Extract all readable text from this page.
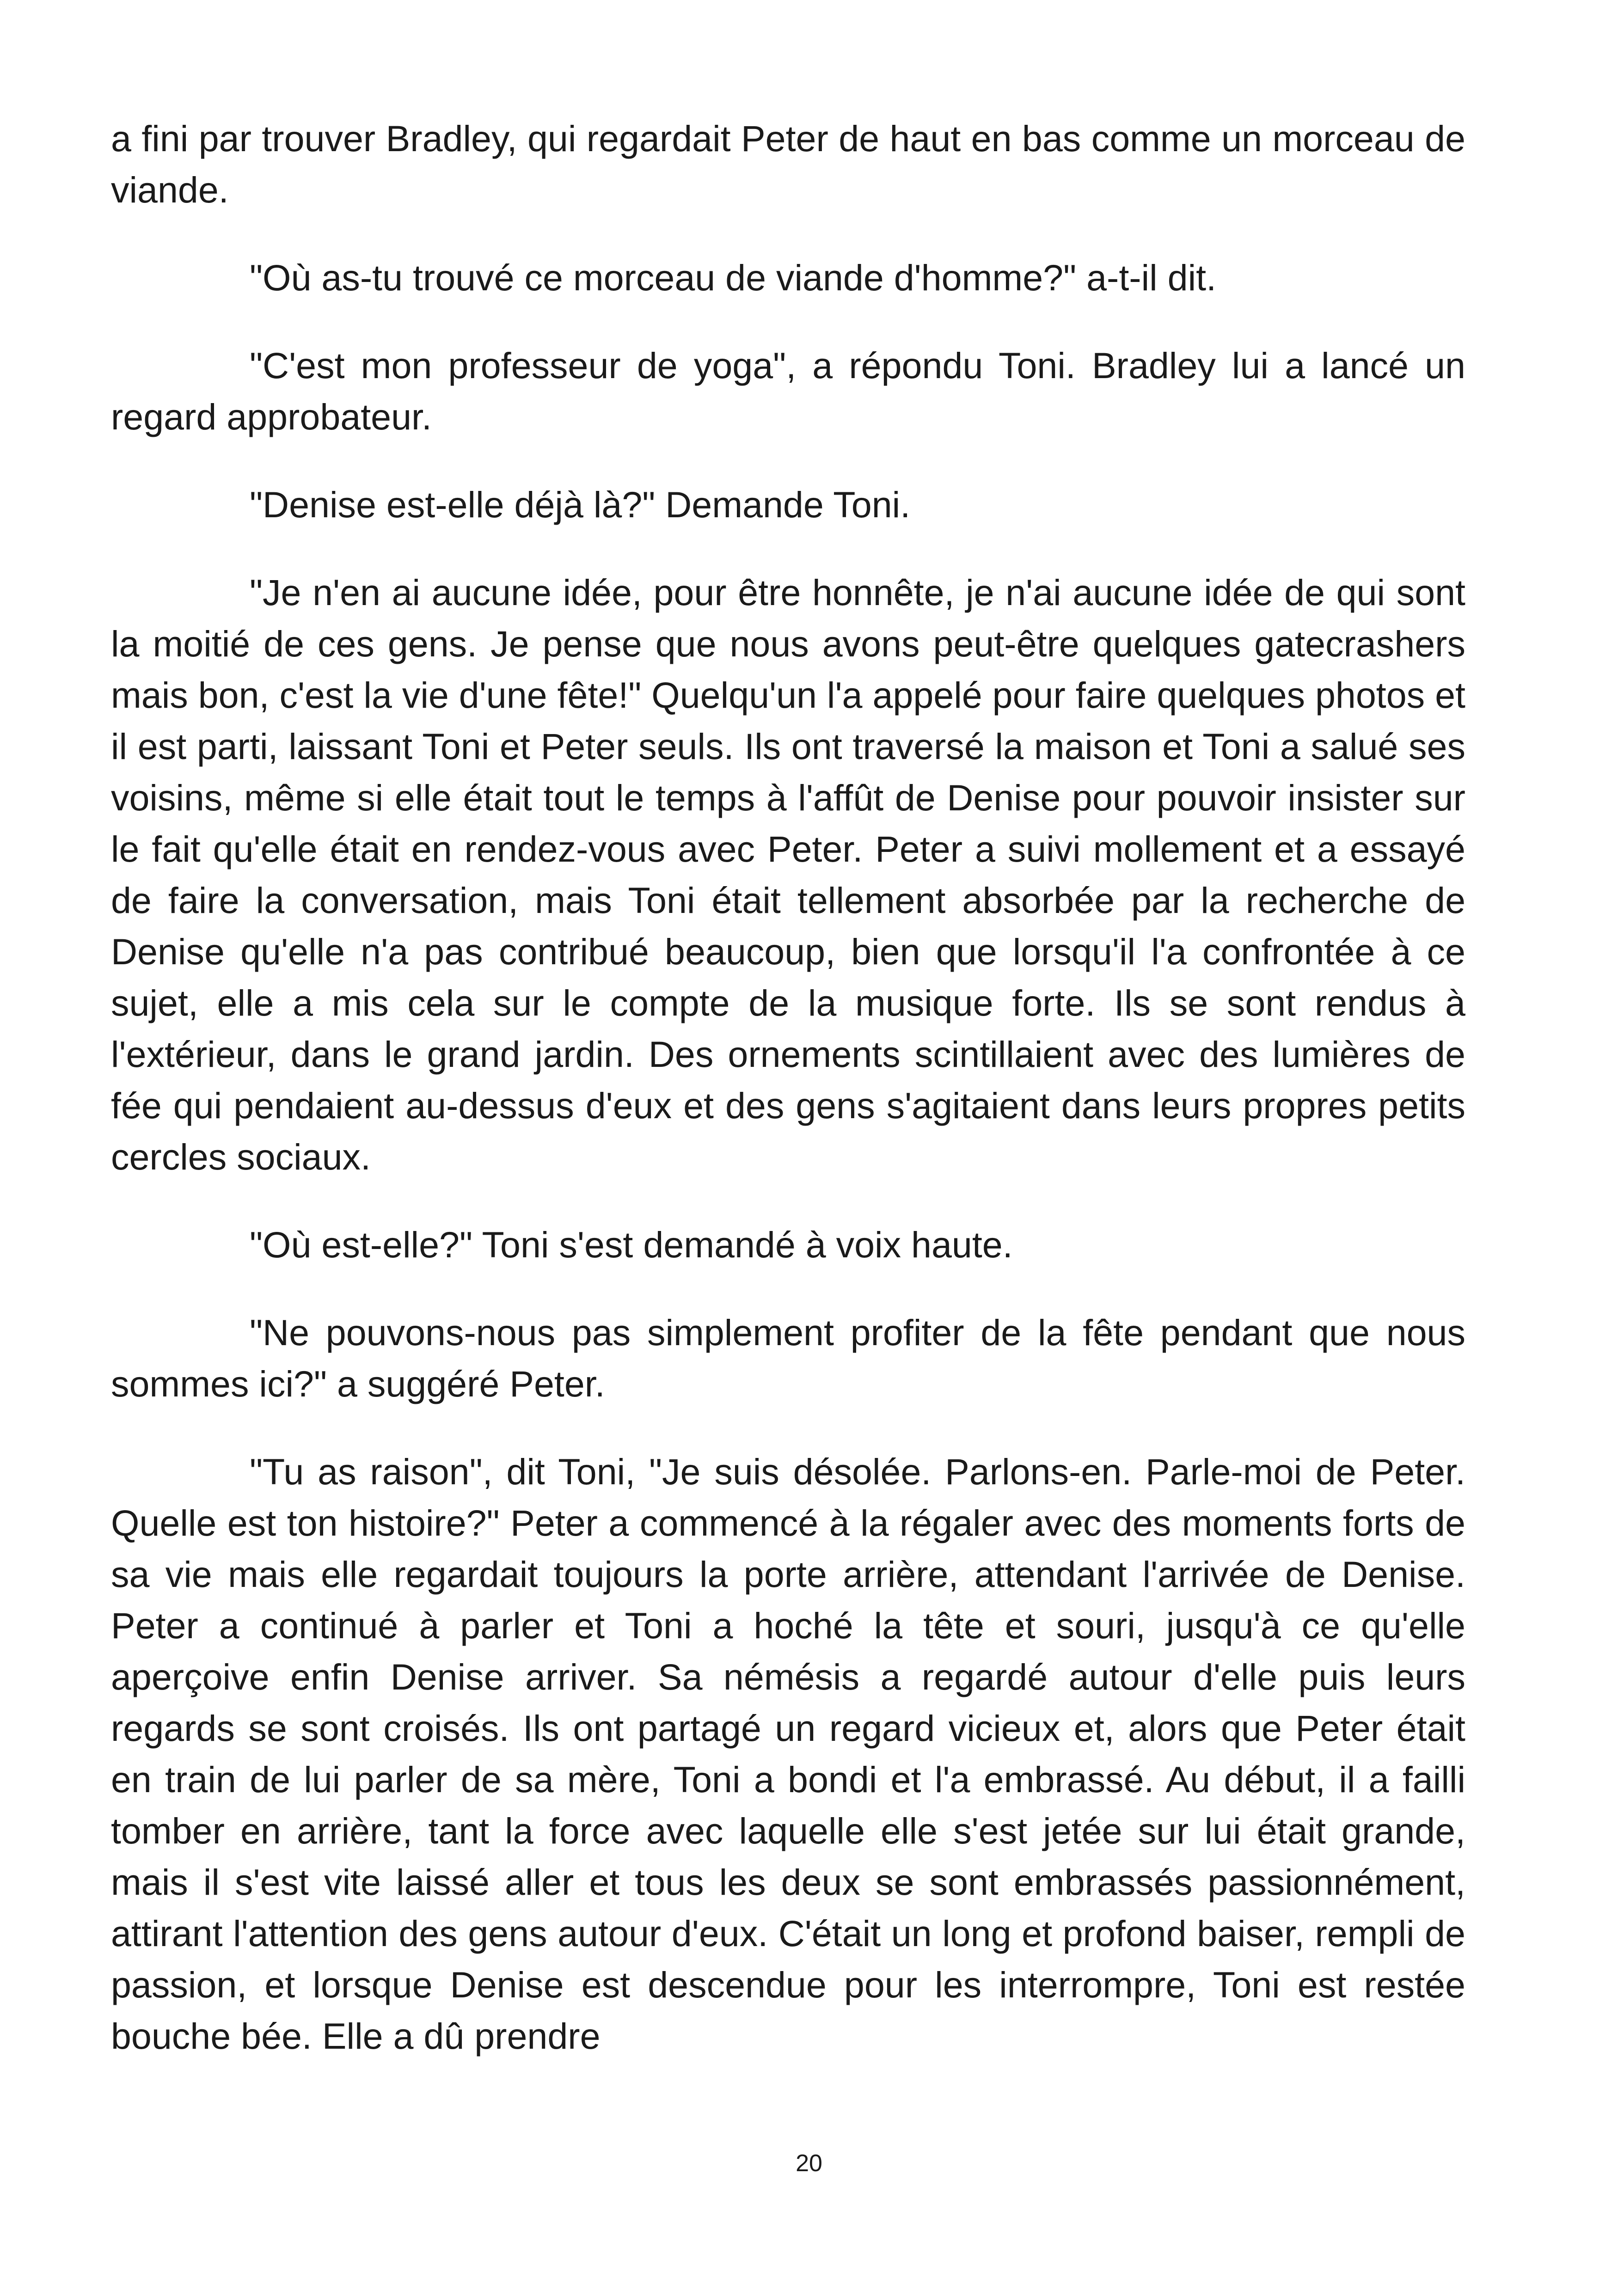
a fini par trouver Bradley, qui regardait Peter de haut en bas comme un morceau de viande.

"Où as-tu trouvé ce morceau de viande d'homme?" a-t-il dit.

"C'est mon professeur de yoga", a répondu Toni. Bradley lui a lancé un regard approbateur.

"Denise est-elle déjà là?" Demande Toni.

"Je n'en ai aucune idée, pour être honnête, je n'ai aucune idée de qui sont la moitié de ces gens. Je pense que nous avons peut-être quelques gatecrashers mais bon, c'est la vie d'une fête!" Quelqu'un l'a appelé pour faire quelques photos et il est parti, laissant Toni et Peter seuls. Ils ont traversé la maison et Toni a salué ses voisins, même si elle était tout le temps à l'affût de Denise pour pouvoir insister sur le fait qu'elle était en rendez-vous avec Peter. Peter a suivi mollement et a essayé de faire la conversation, mais Toni était tellement absorbée par la recherche de Denise qu'elle n'a pas contribué beaucoup, bien que lorsqu'il l'a confrontée à ce sujet, elle a mis cela sur le compte de la musique forte. Ils se sont rendus à l'extérieur, dans le grand jardin. Des ornements scintillaient avec des lumières de fée qui pendaient au-dessus d'eux et des gens s'agitaient dans leurs propres petits cercles sociaux.

"Où est-elle?" Toni s'est demandé à voix haute.

"Ne pouvons-nous pas simplement profiter de la fête pendant que nous sommes ici?" a suggéré Peter.

"Tu as raison", dit Toni, "Je suis désolée. Parlons-en. Parle-moi de Peter. Quelle est ton histoire?" Peter a commencé à la régaler avec des moments forts de sa vie mais elle regardait toujours la porte arrière, attendant l'arrivée de Denise. Peter a continué à parler et Toni a hoché la tête et souri, jusqu'à ce qu'elle aperçoive enfin Denise arriver. Sa némésis a regardé autour d'elle puis leurs regards se sont croisés. Ils ont partagé un regard vicieux et, alors que Peter était en train de lui parler de sa mère, Toni a bondi et l'a embrassé. Au début, il a failli tomber en arrière, tant la force avec laquelle elle s'est jetée sur lui était grande, mais il s'est vite laissé aller et tous les deux se sont embrassés passionnément, attirant l'attention des gens autour d'eux. C'était un long et profond baiser, rempli de passion, et lorsque Denise est descendue pour les interrompre, Toni est restée bouche bée. Elle a dû prendre

20
